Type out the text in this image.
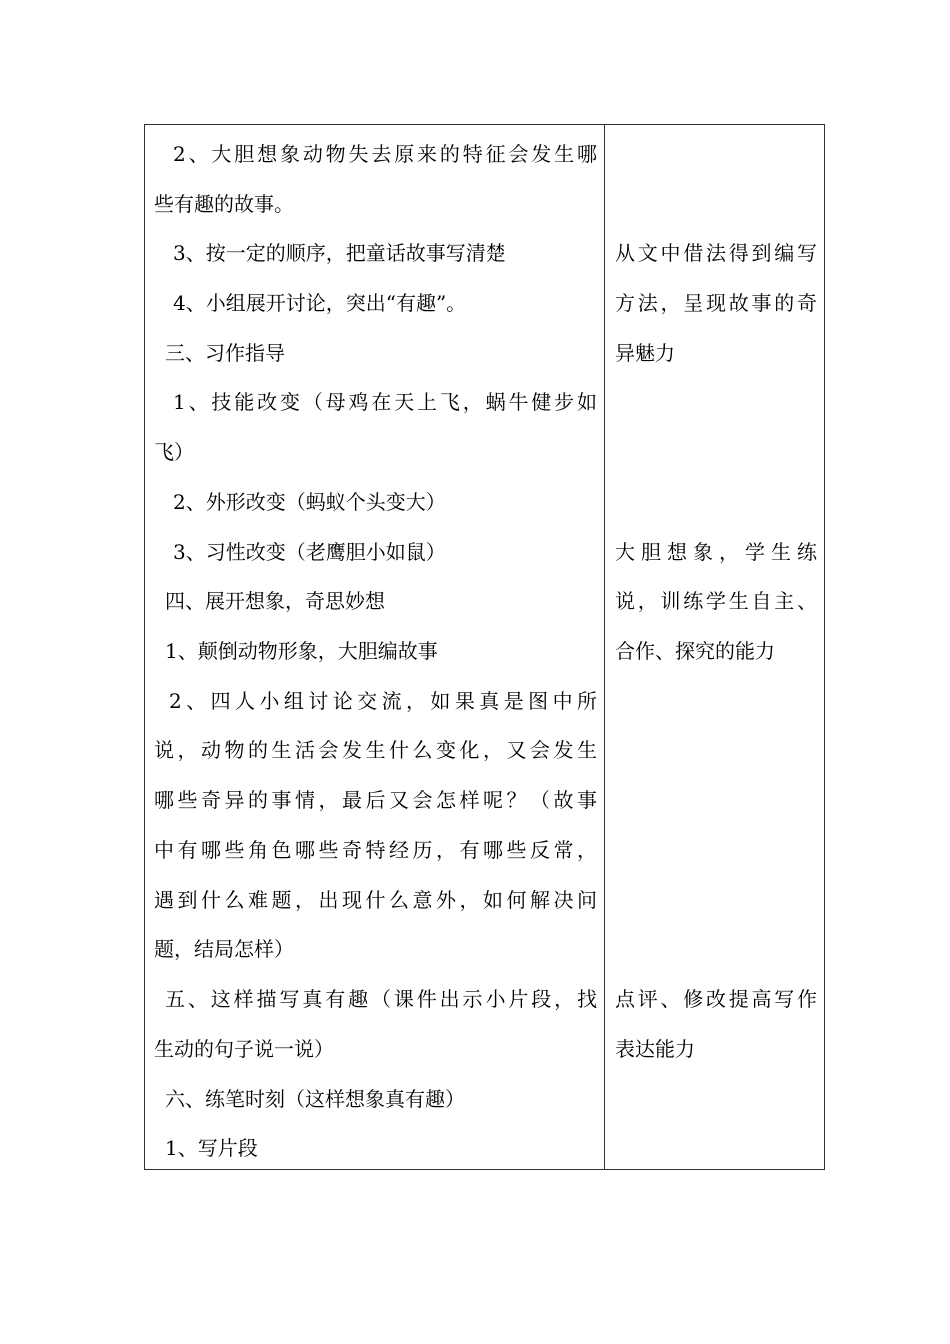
2、大胆想象动物失去原来的特征会发生哪
些有趣的故事。
3、按一定的顺序，把童话故事写清楚
4、小组展开讨论，突出“有趣”。
三、习作指导
1、技能改变（母鸡在天上飞，蜗牛健步如
飞）
2、外形改变（蚂蚁个头变大）
3、习性改变（老鹰胆小如鼠）
四、展开想象，奇思妙想
1、颠倒动物形象，大胆编故事
2、四人小组讨论交流，如果真是图中所
说，动物的生活会发生什么变化，又会发生
哪些奇异的事情，最后又会怎样呢？（故事
中有哪些角色哪些奇特经历，有哪些反常，
遇到什么难题，出现什么意外，如何解决问
题，结局怎样）
五、这样描写真有趣（课件出示小片段，找
生动的句子说一说）
六、练笔时刻（这样想象真有趣）
1、写片段
从文中借法得到编写
方法，呈现故事的奇
异魅力
大胆想象，学生练
说，训练学生自主、
合作、探究的能力
点评、修改提高写作
表达能力
